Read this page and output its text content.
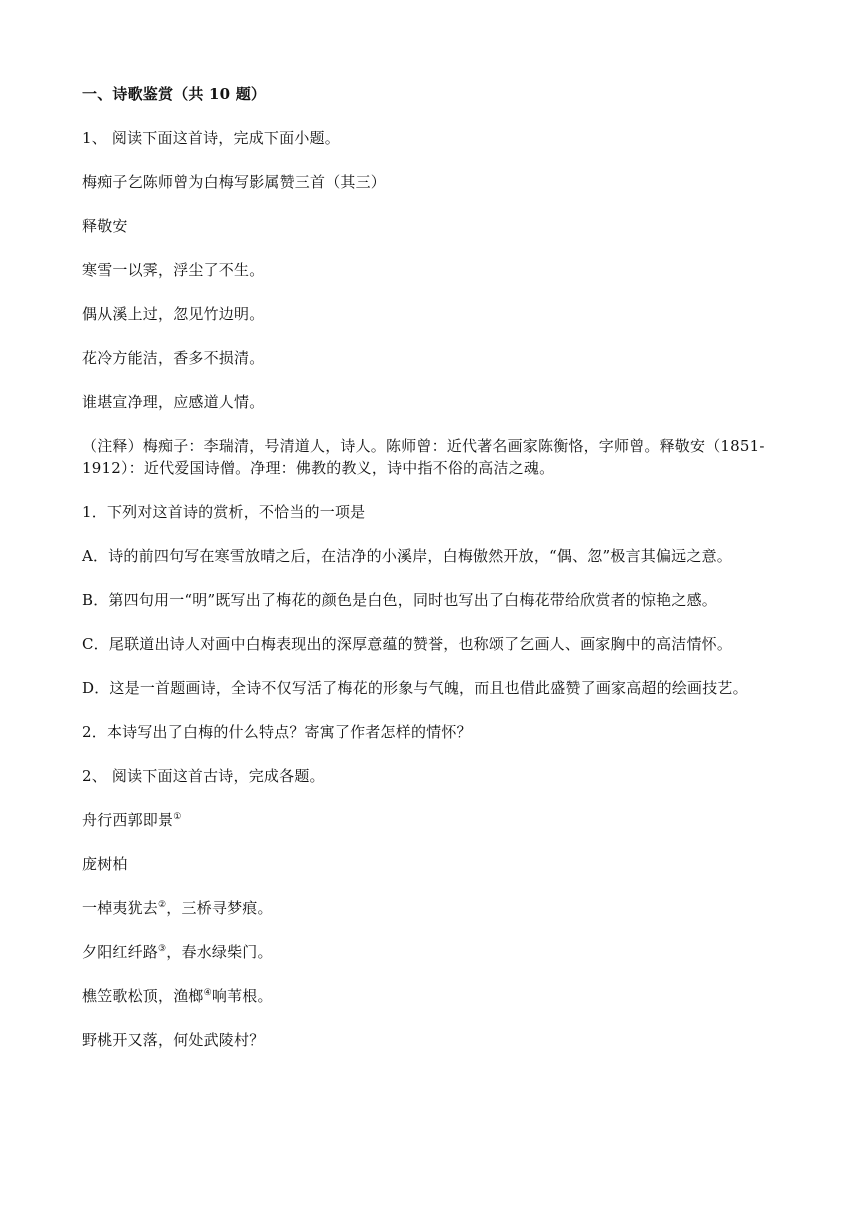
一、诗歌鉴赏（共 10 题）
1、 阅读下面这首诗，完成下面小题。
梅痴子乞陈师曾为白梅写影属赞三首（其三）
释敬安
寒雪一以霁，浮尘了不生。
偶从溪上过，忽见竹边明。
花冷方能洁，香多不损清。
谁堪宣净理，应感道人情。
（注释）梅痴子：李瑞清，号清道人，诗人。陈师曾：近代著名画家陈衡恪，字师曾。释敬安（1851-1912）：近代爱国诗僧。净理：佛教的教义，诗中指不俗的高洁之魂。
1．下列对这首诗的赏析，不恰当的一项是
A．诗的前四句写在寒雪放晴之后，在洁净的小溪岸，白梅傲然开放，“偶、忽”极言其偏远之意。
B．第四句用一“明”既写出了梅花的颜色是白色，同时也写出了白梅花带给欣赏者的惊艳之感。
C．尾联道出诗人对画中白梅表现出的深厚意蕴的赞誉，也称颂了乞画人、画家胸中的高洁情怀。
D．这是一首题画诗，全诗不仅写活了梅花的形象与气魄，而且也借此盛赞了画家高超的绘画技艺。
2．本诗写出了白梅的什么特点？寄寓了作者怎样的情怀？
2、 阅读下面这首古诗，完成各题。
舟行西郭即景①
庞树柏
一棹夷犹去②，三桥寻梦痕。
夕阳红纤路③，春水绿柴门。
樵笠歌松顶，渔榔④响苇根。
野桃开又落，何处武陵村？
